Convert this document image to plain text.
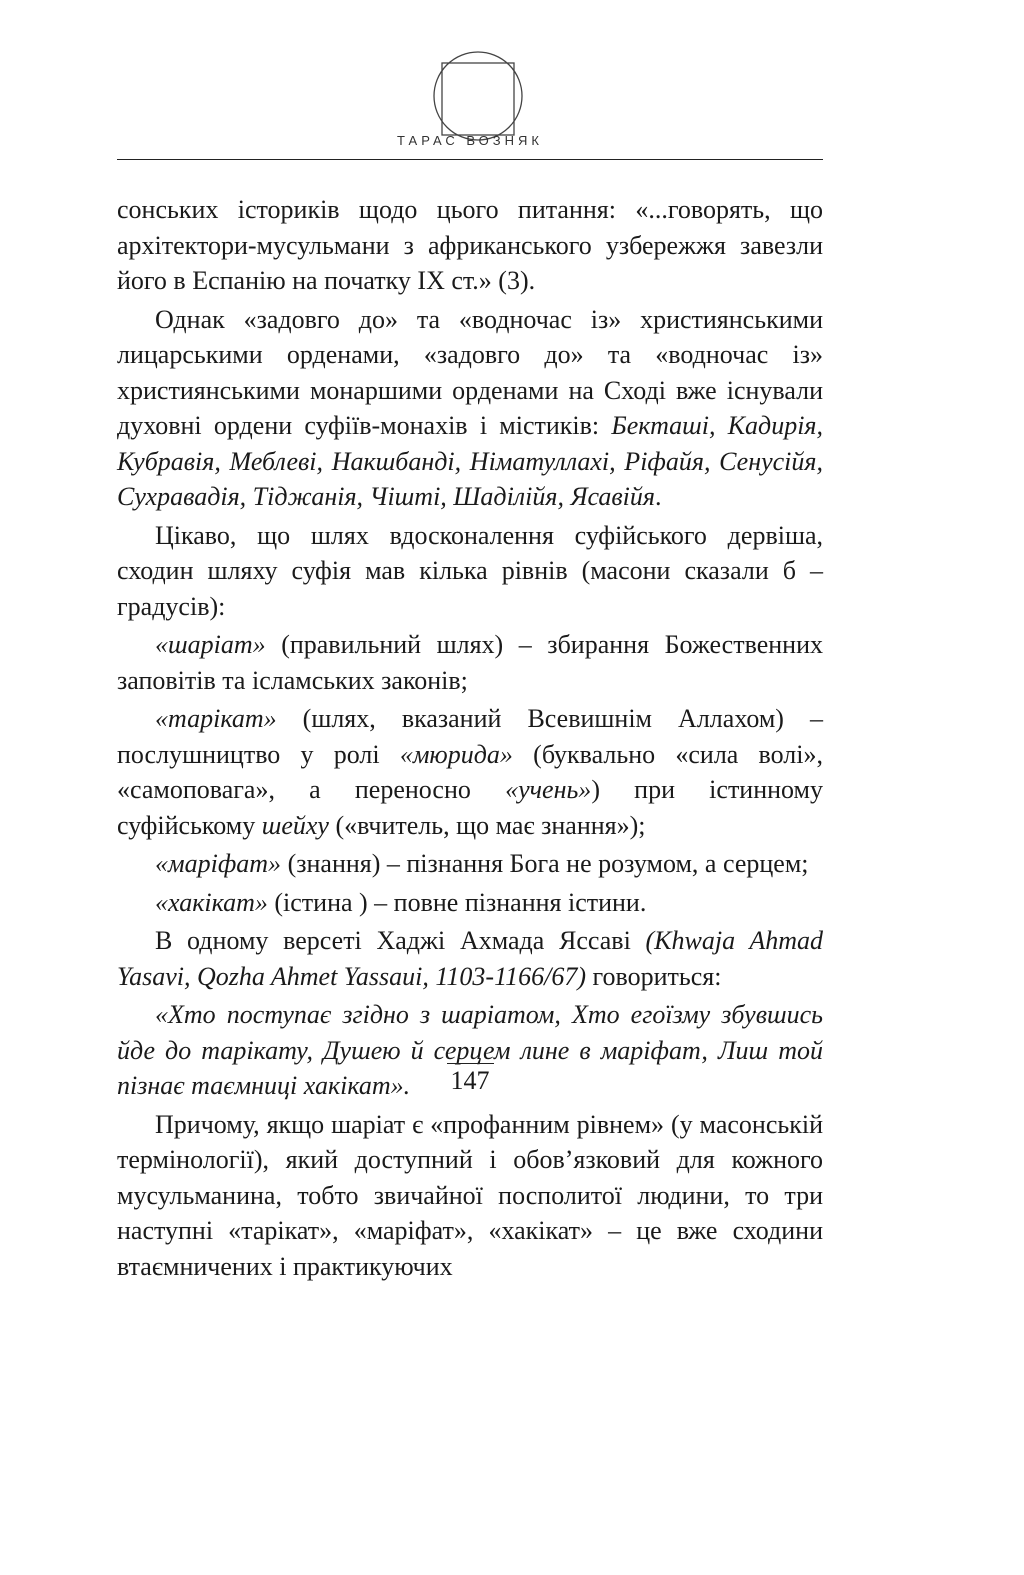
ТАРАС ВОЗНЯК

сонських істориків щодо цього питання: «...говорять, що архітектори-мусульмани з африканського узбережжя завезли його в Еспанію на початку ІХ ст.» (3).

Однак «задовго до» та «водночас із» християнськими лицарськими орденами, «задовго до» та «водночас із» християнськими монаршими орденами на Сході вже існували духовні ордени суфіїв-монахів і містиків: Бекташі, Кадирія, Кубравія, Меблеві, Накшбанді, Німатуллахі, Ріфайя, Сенусійя, Сухравадія, Тіджанія, Чішті, Шаділійя, Ясавійя.

Цікаво, що шлях вдосконалення суфійського дервіша, сходин шляху суфія мав кілька рівнів (масони сказали б – градусів):

«шаріат» (правильний шлях) – збирання Божественних заповітів та ісламських законів;

«тарікат» (шлях, вказаний Всевишнім Аллахом) – послушництво у ролі «мюрида» (буквально «сила волі», «самоповага», а переносно «учень») при істинному суфійському шейху («вчитель, що має знання»);

«маріфат» (знання) – пізнання Бога не розумом, а серцем;

«хакікат» (істина ) – повне пізнання істини.

В одному версеті Хаджі Ахмада Яссаві (Khwaja Ahmad Yasavi, Qozha Ahmet Yassaui, 1103-1166/67) говориться:

«Хто поступає згідно з шаріатом, Хто егоїзму збувшись йде до тарікату, Душею й серцем лине в маріфат, Лиш той пізнає таємниці хакікат».

Причому, якщо шаріат є «профанним рівнем» (у масонській термінології), який доступний і обов’язковий для кожного мусульманина, тобто звичайної посполитої людини, то три наступні «тарікат», «маріфат», «хакікат» – це вже сходини втаємничених і практикуючих

147
